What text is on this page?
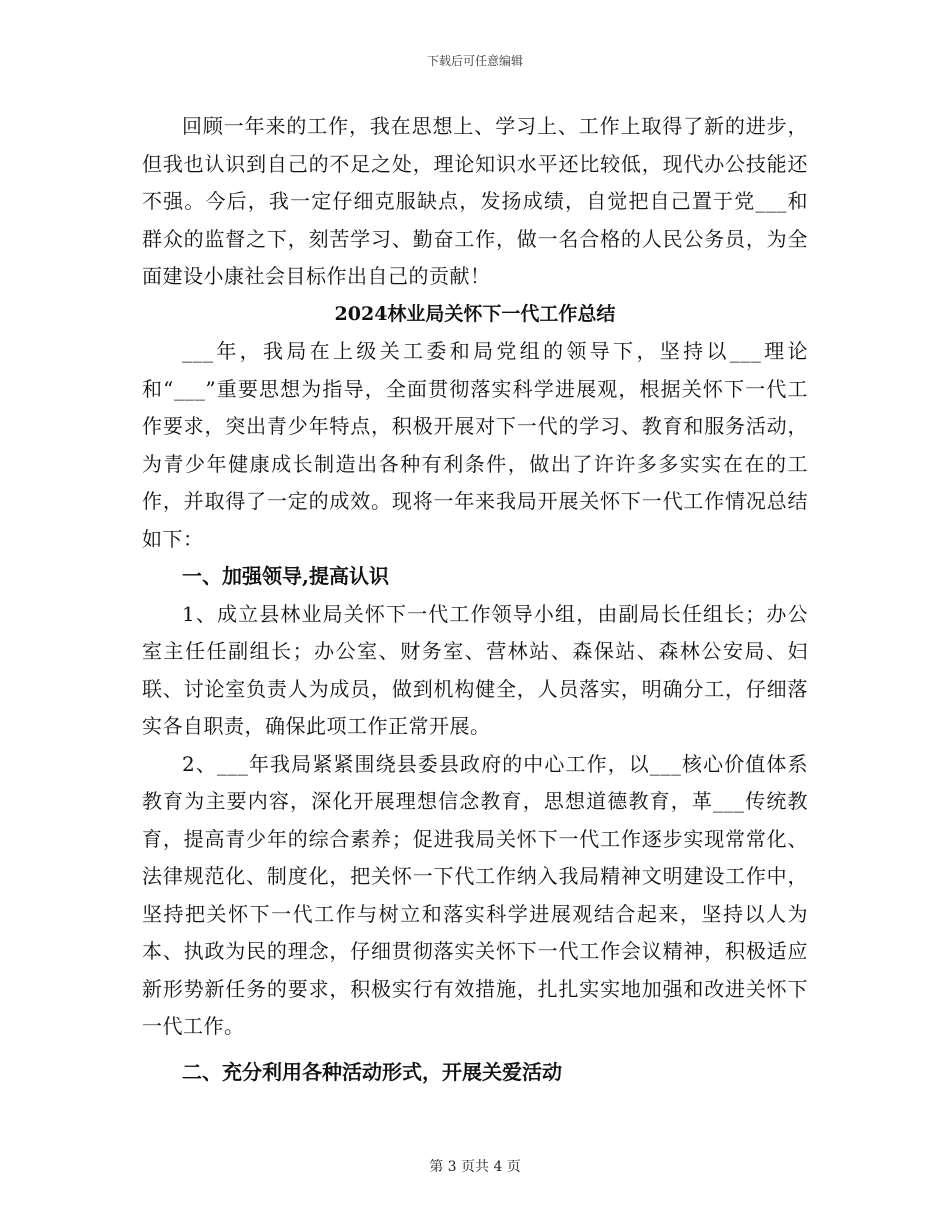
下载后可任意编辑

回顾一年来的工作，我在思想上、学习上、工作上取得了新的进步，但我也认识到自己的不足之处，理论知识水平还比较低，现代办公技能还不强。今后，我一定仔细克服缺点，发扬成绩，自觉把自己置于党___和群众的监督之下，刻苦学习、勤奋工作，做一名合格的人民公务员，为全面建设小康社会目标作出自己的贡献！

2024林业局关怀下一代工作总结

___年，我局在上级关工委和局党组的领导下，坚持以___理论和“___”重要思想为指导，全面贯彻落实科学进展观，根据关怀下一代工作要求，突出青少年特点，积极开展对下一代的学习、教育和服务活动，为青少年健康成长制造出各种有利条件，做出了许许多多实实在在的工作，并取得了一定的成效。现将一年来我局开展关怀下一代工作情况总结如下：

一、加强领导,提高认识

1、成立县林业局关怀下一代工作领导小组，由副局长任组长；办公室主任任副组长；办公室、财务室、营林站、森保站、森林公安局、妇联、讨论室负责人为成员，做到机构健全，人员落实，明确分工，仔细落实各自职责，确保此项工作正常开展。

2、___年我局紧紧围绕县委县政府的中心工作，以___核心价值体系教育为主要内容，深化开展理想信念教育，思想道德教育，革___传统教育，提高青少年的综合素养；促进我局关怀下一代工作逐步实现常常化、法律规范化、制度化，把关怀一下代工作纳入我局精神文明建设工作中，坚持把关怀下一代工作与树立和落实科学进展观结合起来，坚持以人为本、执政为民的理念，仔细贯彻落实关怀下一代工作会议精神，积极适应新形势新任务的要求，积极实行有效措施，扎扎实实地加强和改进关怀下一代工作。

二、充分利用各种活动形式，开展关爱活动
第 3 页共 4 页
